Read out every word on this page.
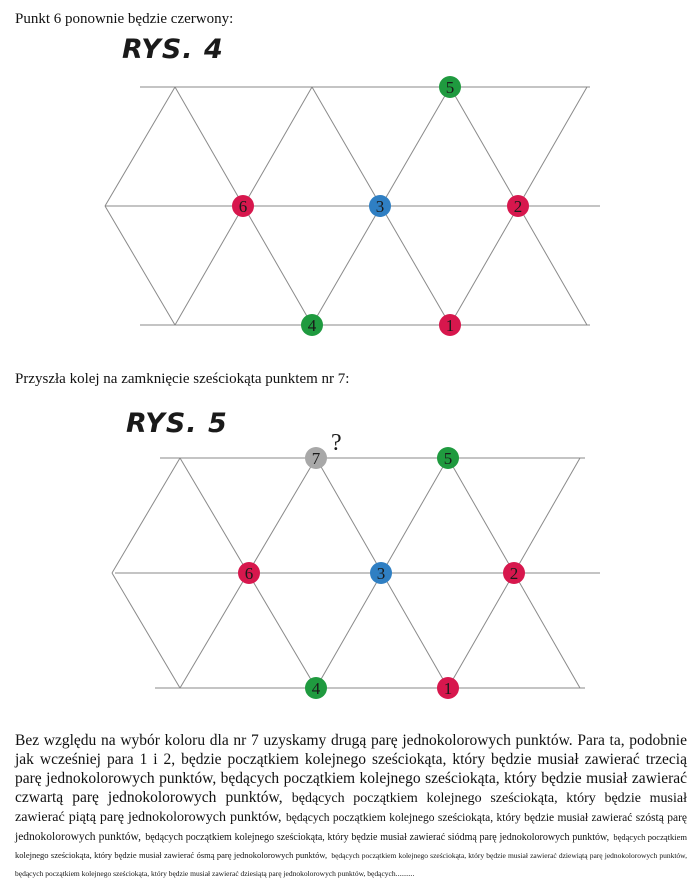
Punkt 6 ponownie będzie czerwony:

RYS. 4
5
6	3	2
4	1

Przyszła kolej na zamknięcie sześciokąta punktem nr 7:

RYS. 5
7
?
5
6	3	2
4	1

Bez względu na wybór koloru dla nr 7 uzyskamy drugą parę jednokolorowych punktów. Para ta, podobnie jak wcześniej para 1 i 2, będzie początkiem kolejnego sześciokąta, który będzie musiał zawierać trzecią parę jednokolorowych punktów, będących początkiem kolejnego sześciokąta, który będzie musiał zawierać czwartą parę jednokolorowych punktów, będących początkiem kolejnego sześciokąta, który będzie musiał zawierać piątą parę jednokolorowych punktów, będących początkiem kolejnego sześciokąta, który będzie musiał zawierać szóstą parę jednokolorowych punktów, będących początkiem kolejnego sześciokąta, który będzie musiał zawierać siódmą parę jednokolorowych punktów, będących początkiem kolejnego sześciokąta, który będzie musiał zawierać ósmą parę jednokolorowych punktów, będących początkiem kolejnego sześciokąta, który będzie musiał zawierać dziewiątą parę jednokolorowych punktów, będących początkiem kolejnego sześciokąta, który będzie musiał zawierać dziesiątą parę jednokolorowych punktów, będących..........
